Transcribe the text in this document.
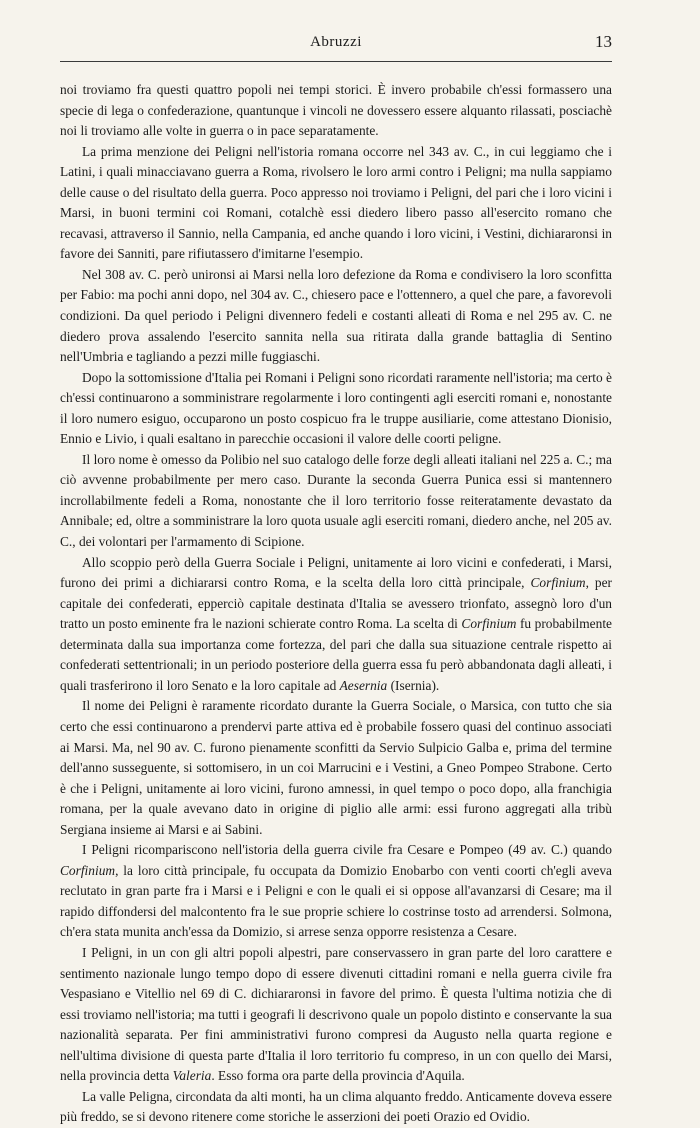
Abruzzi	13

noi troviamo fra questi quattro popoli nei tempi storici. È invero probabile ch'essi formassero una specie di lega o confederazione, quantunque i vincoli ne dovessero essere alquanto rilassati, posciachè noi li troviamo alle volte in guerra o in pace separatamente.

La prima menzione dei Peligni nell'istoria romana occorre nel 343 av. C., in cui leggiamo che i Latini, i quali minacciavano guerra a Roma, rivolsero le loro armi contro i Peligni; ma nulla sappiamo delle cause o del risultato della guerra. Poco appresso noi troviamo i Peligni, del pari che i loro vicini i Marsi, in buoni termini coi Romani, cotalchè essi diedero libero passo all'esercito romano che recavasi, attraverso il Sannio, nella Campania, ed anche quando i loro vicini, i Vestini, dichiararonsi in favore dei Sanniti, pare rifiutassero d'imitarne l'esempio.

Nel 308 av. C. però unironsi ai Marsi nella loro defezione da Roma e condivisero la loro sconfitta per Fabio: ma pochi anni dopo, nel 304 av. C., chiesero pace e l'ottennero, a quel che pare, a favorevoli condizioni. Da quel periodo i Peligni divennero fedeli e costanti alleati di Roma e nel 295 av. C. ne diedero prova assalendo l'esercito sannita nella sua ritirata dalla grande battaglia di Sentino nell'Umbria e tagliando a pezzi mille fuggiaschi.

Dopo la sottomissione d'Italia pei Romani i Peligni sono ricordati raramente nell'istoria; ma certo è ch'essi continuarono a somministrare regolarmente i loro contingenti agli eserciti romani e, nonostante il loro numero esiguo, occuparono un posto cospicuo fra le truppe ausiliarie, come attestano Dionisio, Ennio e Livio, i quali esaltano in parecchie occasioni il valore delle coorti peligne.

Il loro nome è omesso da Polibio nel suo catalogo delle forze degli alleati italiani nel 225 a. C.; ma ciò avvenne probabilmente per mero caso. Durante la seconda Guerra Punica essi si mantennero incrollabilmente fedeli a Roma, nonostante che il loro territorio fosse reiteratamente devastato da Annibale; ed, oltre a somministrare la loro quota usuale agli eserciti romani, diedero anche, nel 205 av. C., dei volontari per l'armamento di Scipione.

Allo scoppio però della Guerra Sociale i Peligni, unitamente ai loro vicini e confederati, i Marsi, furono dei primi a dichiararsi contro Roma, e la scelta della loro città principale, Corfinium, per capitale dei confederati, epperciò capitale destinata d'Italia se avessero trionfato, assegnò loro d'un tratto un posto eminente fra le nazioni schierate contro Roma. La scelta di Corfinium fu probabilmente determinata dalla sua importanza come fortezza, del pari che dalla sua situazione centrale rispetto ai confederati settentrionali; in un periodo posteriore della guerra essa fu però abbandonata dagli alleati, i quali trasferirono il loro Senato e la loro capitale ad Aesernia (Isernia).

Il nome dei Peligni è raramente ricordato durante la Guerra Sociale, o Marsica, con tutto che sia certo che essi continuarono a prendervi parte attiva ed è probabile fossero quasi del continuo associati ai Marsi. Ma, nel 90 av. C. furono pienamente sconfitti da Servio Sulpicio Galba e, prima del termine dell'anno susseguente, si sottomisero, in un coi Marrucini e i Vestini, a Gneo Pompeo Strabone. Certo è che i Peligni, unitamente ai loro vicini, furono amnessi, in quel tempo o poco dopo, alla franchigia romana, per la quale avevano dato in origine di piglio alle armi: essi furono aggregati alla tribù Sergiana insieme ai Marsi e ai Sabini.

I Peligni ricompariscono nell'istoria della guerra civile fra Cesare e Pompeo (49 av. C.) quando Corfinium, la loro città principale, fu occupata da Domizio Enobarbo con venti coorti ch'egli aveva reclutato in gran parte fra i Marsi e i Peligni e con le quali ei si oppose all'avanzarsi di Cesare; ma il rapido diffondersi del malcontento fra le sue proprie schiere lo costrinse tosto ad arrendersi. Solmona, ch'era stata munita anch'essa da Domizio, si arrese senza opporre resistenza a Cesare.

I Peligni, in un con gli altri popoli alpestri, pare conservassero in gran parte del loro carattere e sentimento nazionale lungo tempo dopo di essere divenuti cittadini romani e nella guerra civile fra Vespasiano e Vitellio nel 69 di C. dichiararonsi in favore del primo. È questa l'ultima notizia che di essi troviamo nell'istoria; ma tutti i geografi li descrivono quale un popolo distinto e conservante la sua nazionalità separata. Per fini amministrativi furono compresi da Augusto nella quarta regione e nell'ultima divisione di questa parte d'Italia il loro territorio fu compreso, in un con quello dei Marsi, nella provincia detta Valeria. Esso forma ora parte della provincia d'Aquila.

La valle Peligna, circondata da alti monti, ha un clima alquanto freddo. Anticamente doveva essere più freddo, se si devono ritenere come storiche le asserzioni dei poeti Orazio ed Ovidio.
